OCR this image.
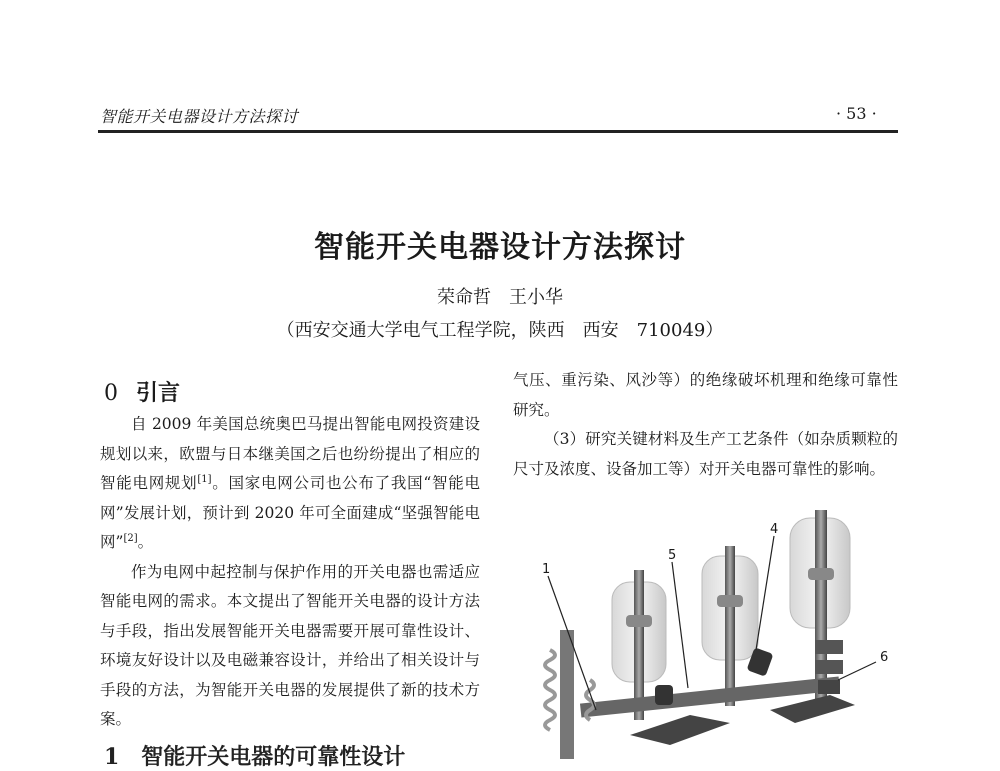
智能开关电器设计方法探讨	· 53 ·
智能开关电器设计方法探讨
荣命哲　王小华
（西安交通大学电气工程学院，陕西　西安　710049）
0 引言

自 2009 年美国总统奥巴马提出智能电网投资建设规划以来，欧盟与日本继美国之后也纷纷提出了相应的智能电网规划[1]。国家电网公司也公布了我国“智能电网”发展计划，预计到 2020 年可全面建成“坚强智能电网”[2]。

作为电网中起控制与保护作用的开关电器也需适应智能电网的需求。本文提出了智能开关电器的设计方法与手段，指出发展智能开关电器需要开展可靠性设计、环境友好设计以及电磁兼容设计，并给出了相关设计与手段的方法，为智能开关电器的发展提供了新的技术方案。

1　智能开关电器的可靠性设计

气压、重污染、风沙等）的绝缘破坏机理和绝缘可靠性研究。

（3）研究关键材料及生产工艺条件（如杂质颗粒的尺寸及浓度、设备加工等）对开关电器可靠性的影响。

1
5
4
6
